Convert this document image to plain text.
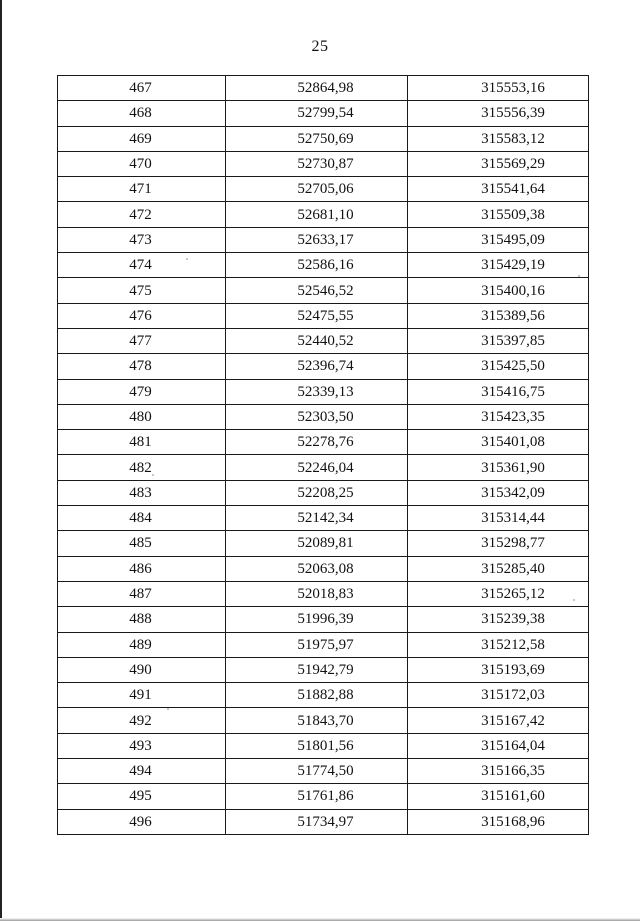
25
467	52864,98	315553,16
468	52799,54	315556,39
469	52750,69	315583,12
470	52730,87	315569,29
471	52705,06	315541,64
472	52681,10	315509,38
473	52633,17	315495,09
474	52586,16	315429,19
475	52546,52	315400,16
476	52475,55	315389,56
477	52440,52	315397,85
478	52396,74	315425,50
479	52339,13	315416,75
480	52303,50	315423,35
481	52278,76	315401,08
482	52246,04	315361,90
483	52208,25	315342,09
484	52142,34	315314,44
485	52089,81	315298,77
486	52063,08	315285,40
487	52018,83	315265,12
488	51996,39	315239,38
489	51975,97	315212,58
490	51942,79	315193,69
491	51882,88	315172,03
492	51843,70	315167,42
493	51801,56	315164,04
494	51774,50	315166,35
495	51761,86	315161,60
496	51734,97	315168,96
